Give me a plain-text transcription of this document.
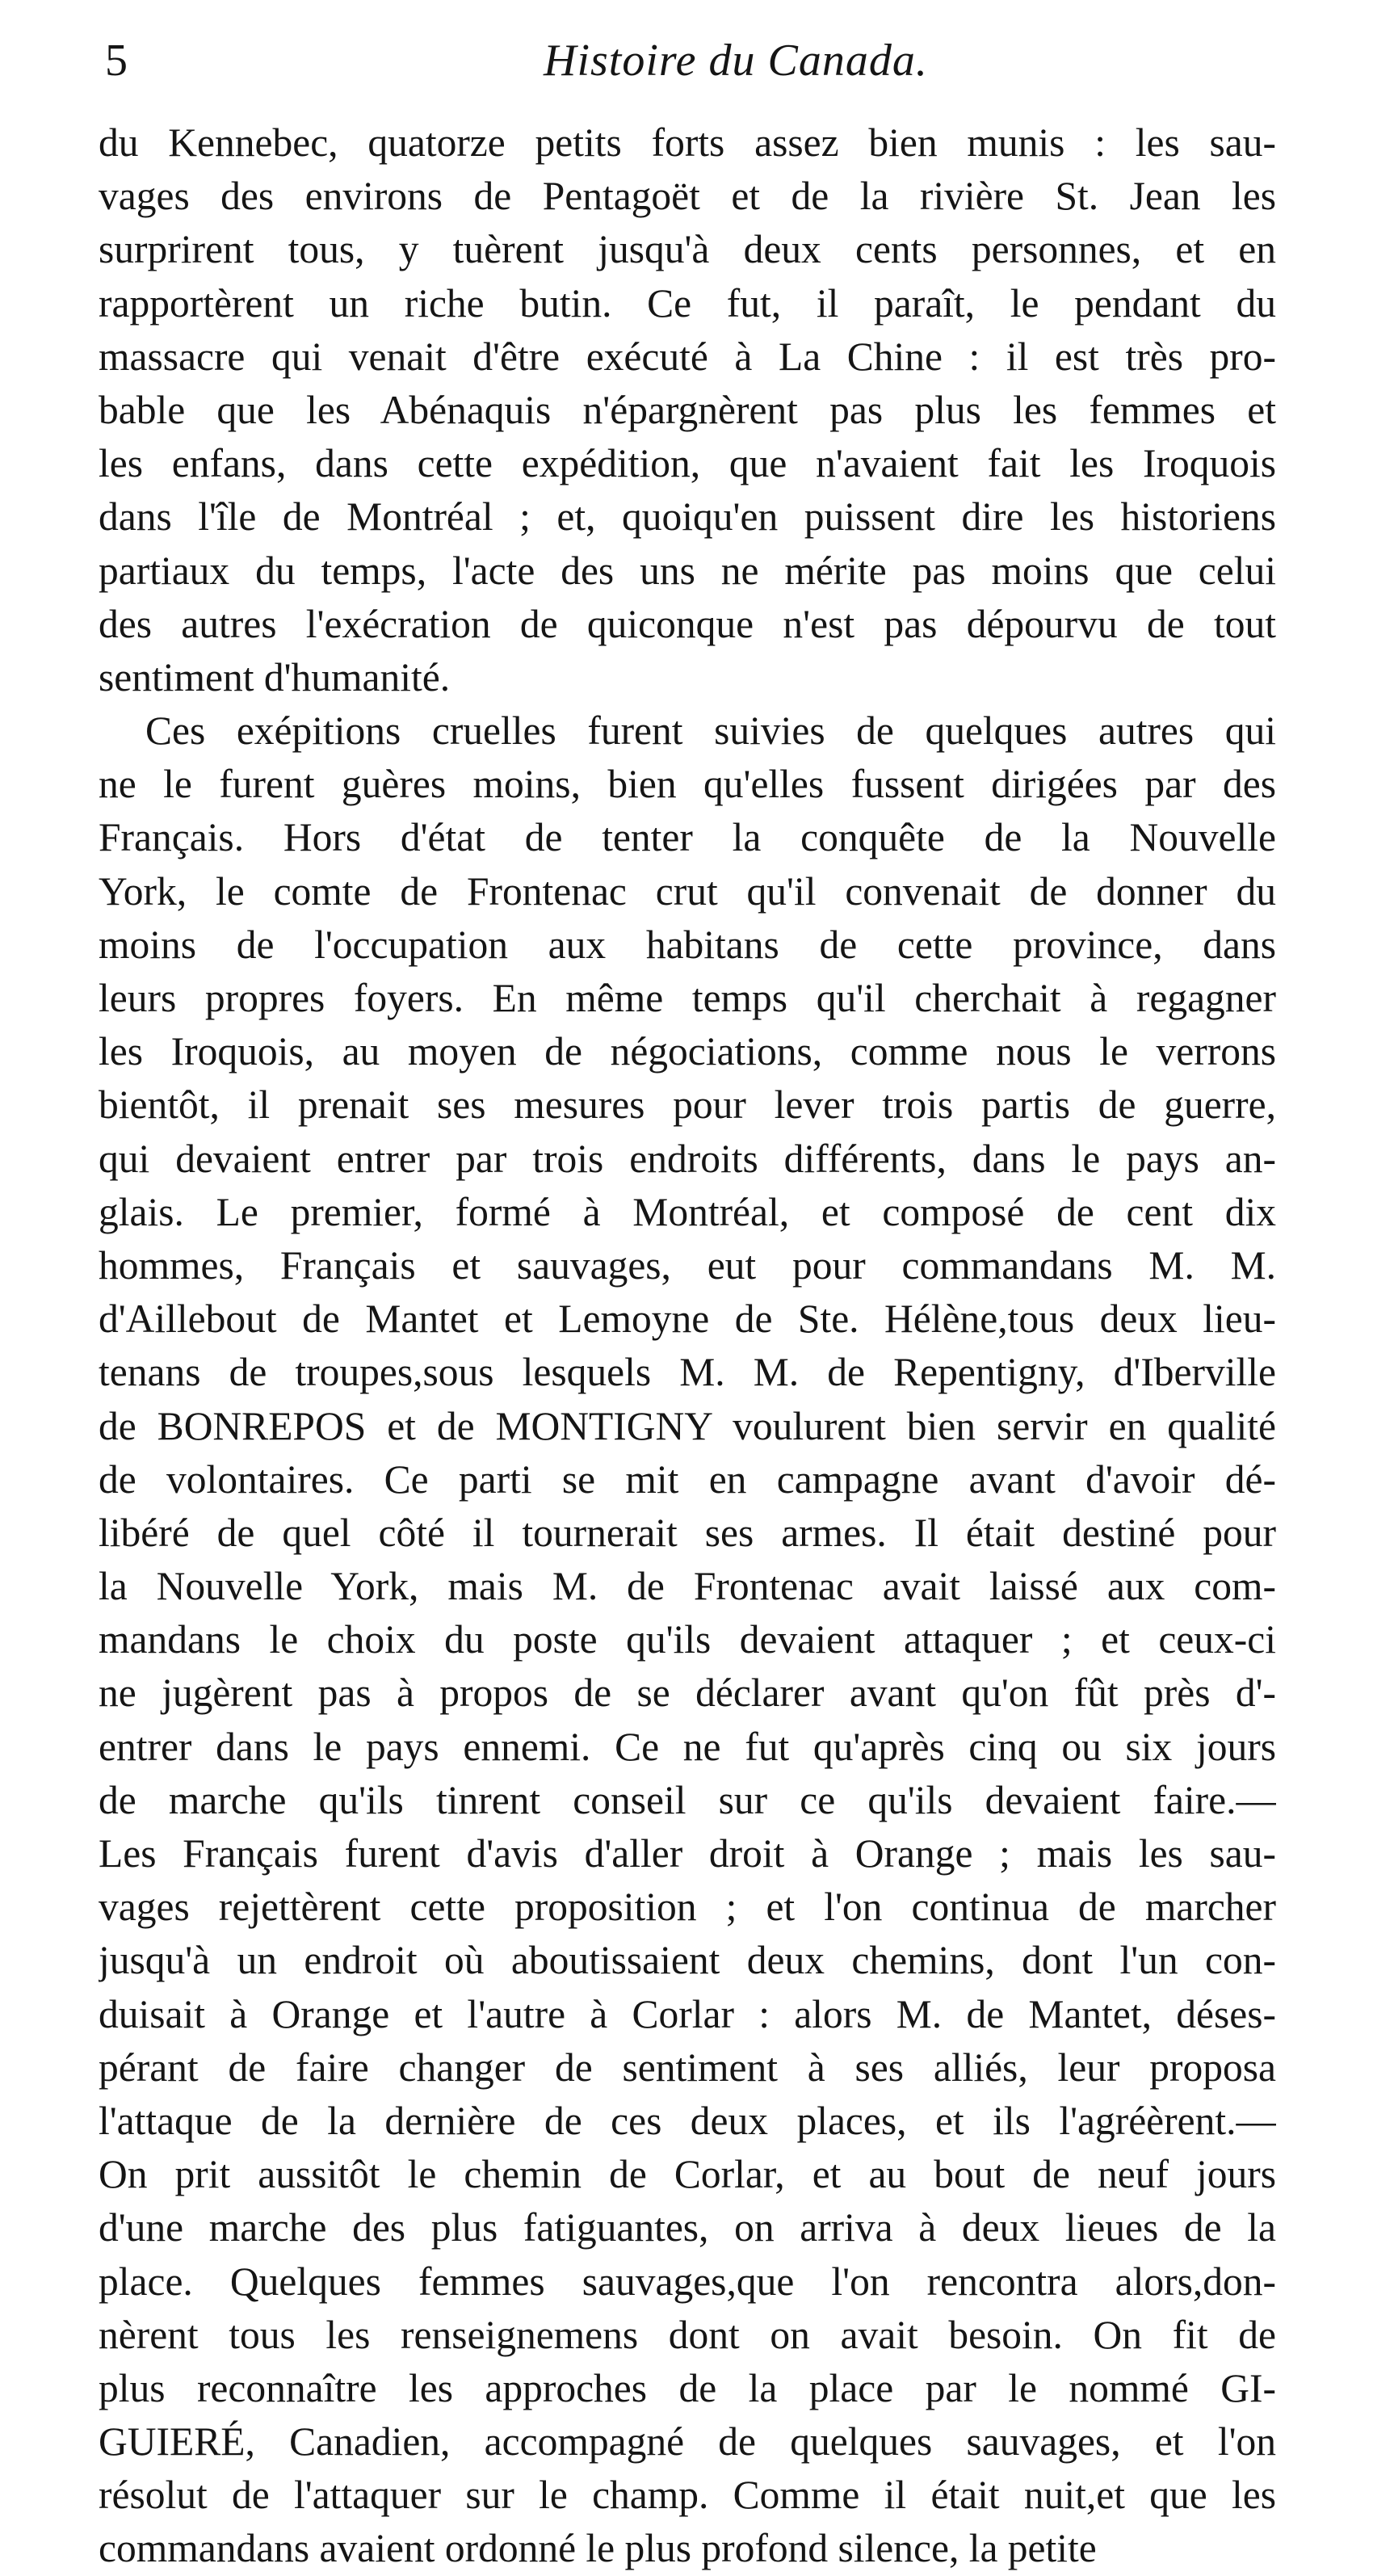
5	Histoire du Canada.
du Kennebec, quatorze petits forts assez bien munis : les sau-
vages des environs de Pentagoët et de la rivière St. Jean les
surprirent tous, y tuèrent jusqu'à deux cents personnes, et en
rapportèrent un riche butin. Ce fut, il paraît, le pendant du
massacre qui venait d'être exécuté à La Chine : il est très pro-
bable que les Abénaquis n'épargnèrent pas plus les femmes et
les enfans, dans cette expédition, que n'avaient fait les Iroquois
dans l'île de Montréal ; et, quoiqu'en puissent dire les historiens
partiaux du temps, l'acte des uns ne mérite pas moins que celui
des autres l'exécration de quiconque n'est pas dépourvu de tout
sentiment d'humanité.
Ces exépitions cruelles furent suivies de quelques autres qui
ne le furent guères moins, bien qu'elles fussent dirigées par des
Français. Hors d'état de tenter la conquête de la Nouvelle
York, le comte de Frontenac crut qu'il convenait de donner du
moins de l'occupation aux habitans de cette province, dans
leurs propres foyers. En même temps qu'il cherchait à regagner
les Iroquois, au moyen de négociations, comme nous le verrons
bientôt, il prenait ses mesures pour lever trois partis de guerre,
qui devaient entrer par trois endroits différents, dans le pays an-
glais. Le premier, formé à Montréal, et composé de cent dix
hommes, Français et sauvages, eut pour commandans M. M.
d'Aillebout de Mantet et Lemoyne de Ste. Hélène,tous deux lieu-
tenans de troupes,sous lesquels M. M. de Repentigny, d'Iberville
de BONREPOS et de MONTIGNY voulurent bien servir en qualité
de volontaires. Ce parti se mit en campagne avant d'avoir dé-
libéré de quel côté il tournerait ses armes. Il était destiné pour
la Nouvelle York, mais M. de Frontenac avait laissé aux com-
mandans le choix du poste qu'ils devaient attaquer ; et ceux-ci
ne jugèrent pas à propos de se déclarer avant qu'on fût près d'-
entrer dans le pays ennemi. Ce ne fut qu'après cinq ou six jours
de marche qu'ils tinrent conseil sur ce qu'ils devaient faire.—
Les Français furent d'avis d'aller droit à Orange ; mais les sau-
vages rejettèrent cette proposition ; et l'on continua de marcher
jusqu'à un endroit où aboutissaient deux chemins, dont l'un con-
duisait à Orange et l'autre à Corlar : alors M. de Mantet, déses-
pérant de faire changer de sentiment à ses alliés, leur proposa
l'attaque de la dernière de ces deux places, et ils l'agréèrent.—
On prit aussitôt le chemin de Corlar, et au bout de neuf jours
d'une marche des plus fatiguantes, on arriva à deux lieues de la
place. Quelques femmes sauvages,que l'on rencontra alors,don-
nèrent tous les renseignemens dont on avait besoin. On fit de
plus reconnaître les approches de la place par le nommé GI-
GUIERÉ, Canadien, accompagné de quelques sauvages, et l'on
résolut de l'attaquer sur le champ. Comme il était nuit,et que les
commandans avaient ordonné le plus profond silence, la petite
